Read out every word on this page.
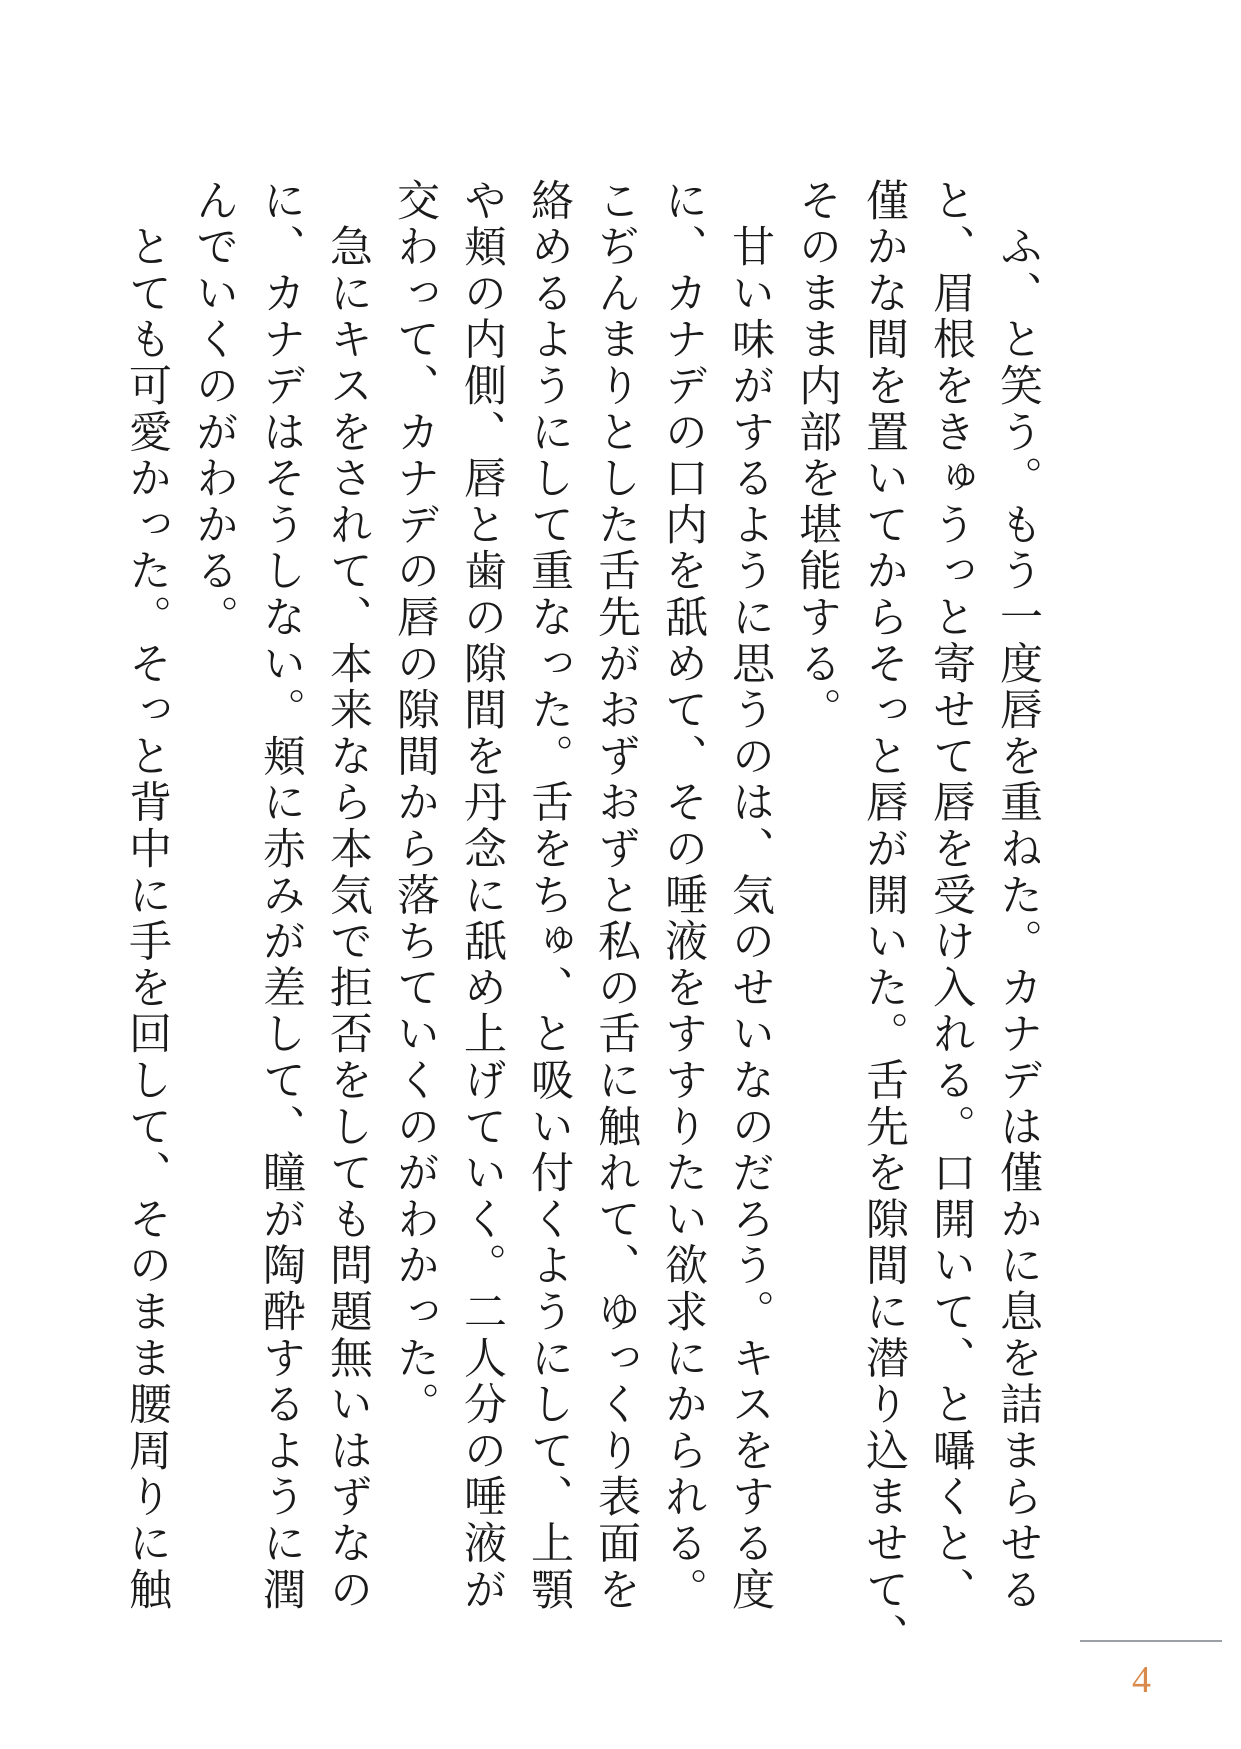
　ふ、と笑う。もう一度唇を重ねた。カナデは僅かに息を詰まらせる
と、眉根をきゅうっと寄せて唇を受け入れる。口開いて、と囁くと、
僅かな間を置いてからそっと唇が開いた。舌先を隙間に潜り込ませて、
そのまま内部を堪能する。
　甘い味がするように思うのは、気のせいなのだろう。キスをする度
に、カナデの口内を舐めて、その唾液をすすりたい欲求にかられる。
こぢんまりとした舌先がおずおずと私の舌に触れて、ゆっくり表面を
絡めるようにして重なった。舌をちゅ、と吸い付くようにして、上顎
や頬の内側、唇と歯の隙間を丹念に舐め上げていく。二人分の唾液が
交わって、カナデの唇の隙間から落ちていくのがわかった。
　急にキスをされて、本来なら本気で拒否をしても問題無いはずなの
に、カナデはそうしない。頬に赤みが差して、瞳が陶酔するように潤
んでいくのがわかる。
　とても可愛かった。そっと背中に手を回して、そのまま腰周りに触
4
